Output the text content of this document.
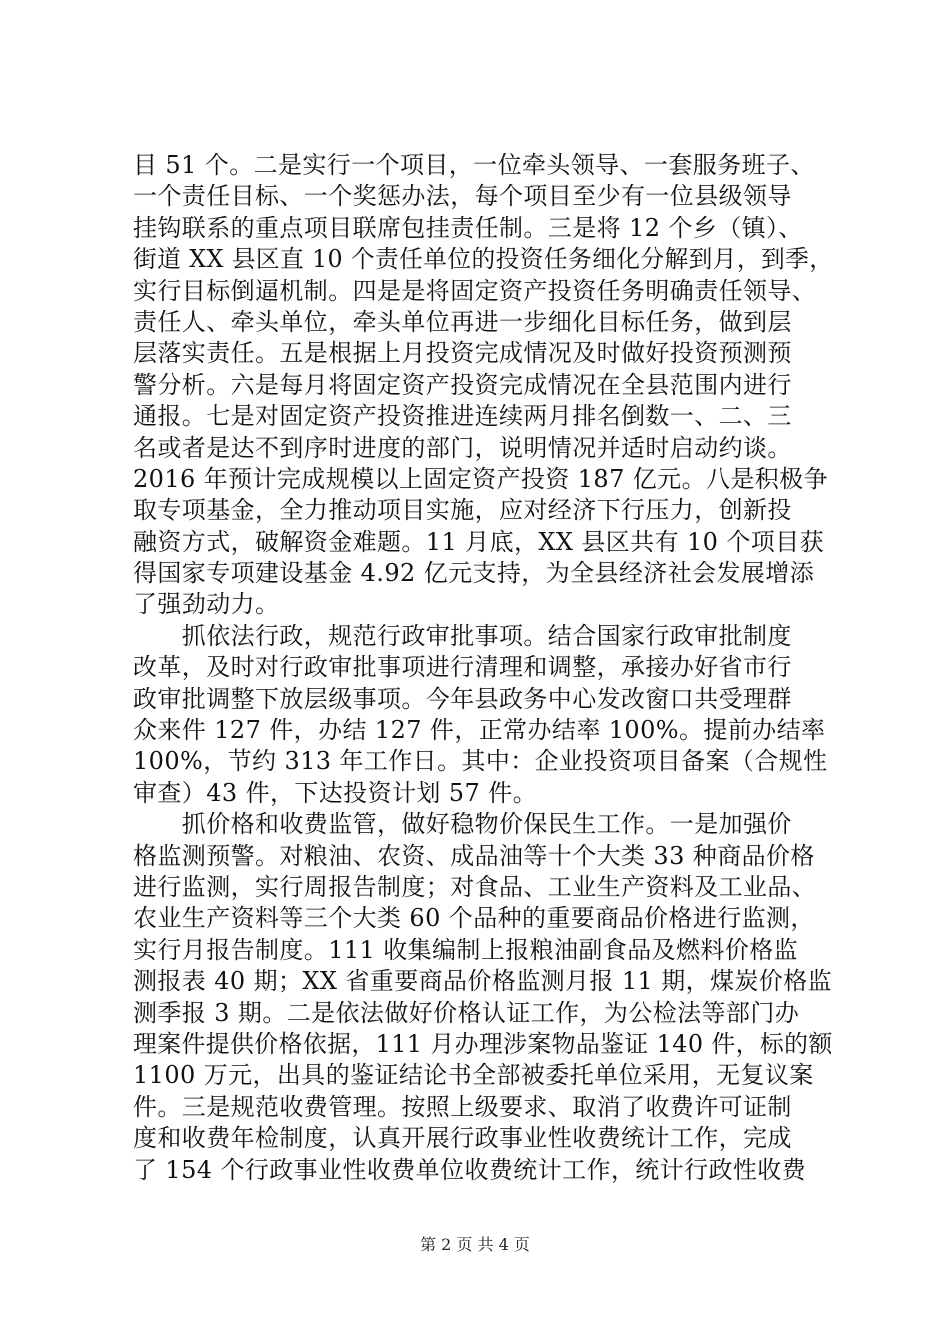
目 51 个。二是实行一个项目，一位牵头领导、一套服务班子、
一个责任目标、一个奖惩办法，每个项目至少有一位县级领导
挂钩联系的重点项目联席包挂责任制。三是将 12 个乡（镇）、
街道 XX 县区直 10 个责任单位的投资任务细化分解到月，到季，
实行目标倒逼机制。四是是将固定资产投资任务明确责任领导、
责任人、牵头单位，牵头单位再进一步细化目标任务，做到层
层落实责任。五是根据上月投资完成情况及时做好投资预测预
警分析。六是每月将固定资产投资完成情况在全县范围内进行
通报。七是对固定资产投资推进连续两月排名倒数一、二、三
名或者是达不到序时进度的部门，说明情况并适时启动约谈。
2016 年预计完成规模以上固定资产投资 187 亿元。八是积极争
取专项基金，全力推动项目实施，应对经济下行压力，创新投
融资方式，破解资金难题。11 月底，XX 县区共有 10 个项目获
得国家专项建设基金 4.92 亿元支持，为全县经济社会发展增添
了强劲动力。
　　抓依法行政，规范行政审批事项。结合国家行政审批制度
改革，及时对行政审批事项进行清理和调整，承接办好省市行
政审批调整下放层级事项。今年县政务中心发改窗口共受理群
众来件 127 件，办结 127 件，正常办结率 100%。提前办结率
100%，节约 313 年工作日。其中：企业投资项目备案（合规性
审查）43 件，下达投资计划 57 件。
　　抓价格和收费监管，做好稳物价保民生工作。一是加强价
格监测预警。对粮油、农资、成品油等十个大类 33 种商品价格
进行监测，实行周报告制度；对食品、工业生产资料及工业品、
农业生产资料等三个大类 60 个品种的重要商品价格进行监测，
实行月报告制度。111 收集编制上报粮油副食品及燃料价格监
测报表 40 期；XX 省重要商品价格监测月报 11 期，煤炭价格监
测季报 3 期。二是依法做好价格认证工作，为公检法等部门办
理案件提供价格依据，111 月办理涉案物品鉴证 140 件，标的额
1100 万元，出具的鉴证结论书全部被委托单位采用，无复议案
件。三是规范收费管理。按照上级要求、取消了收费许可证制
度和收费年检制度，认真开展行政事业性收费统计工作，完成
了 154 个行政事业性收费单位收费统计工作，统计行政性收费
第 2 页 共 4 页
